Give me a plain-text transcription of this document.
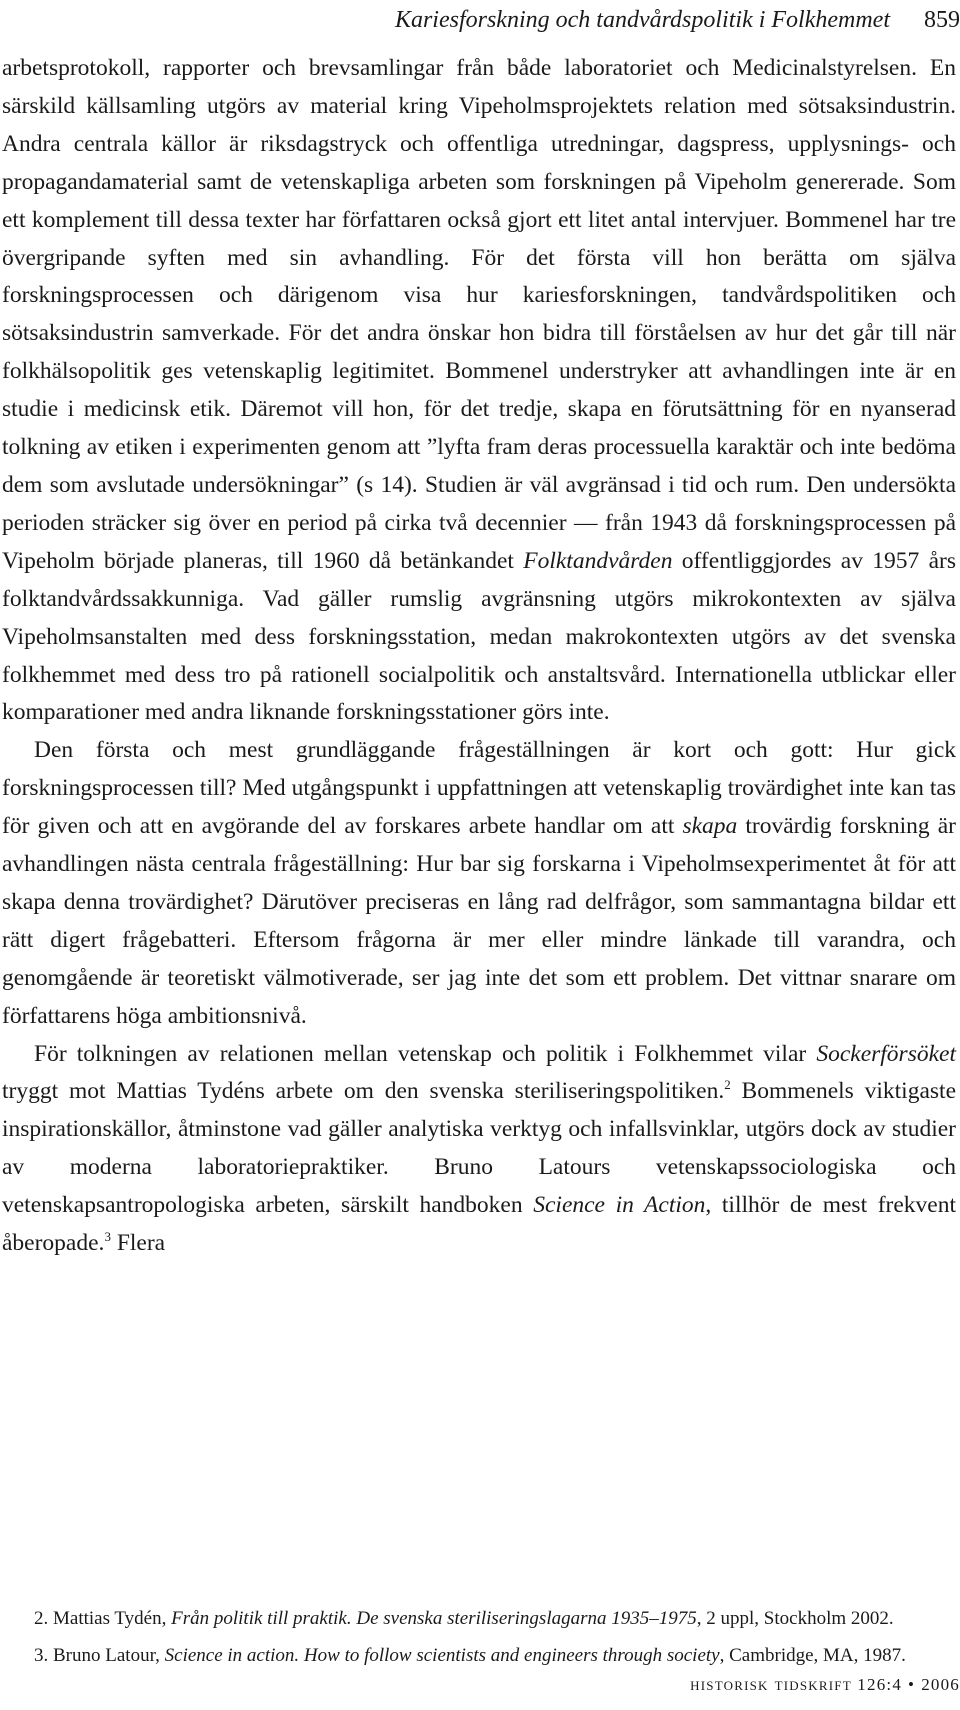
Kariesforskning och tandvårdspolitik i Folkhemmet 859

arbetsprotokoll, rapporter och brevsamlingar från både laboratoriet och Medicinalstyrelsen. En särskild källsamling utgörs av material kring Vipeholmsprojektets relation med sötsaksindustrin. Andra centrala källor är riksdagstryck och offentliga utredningar, dagspress, upplysnings- och propagandamaterial samt de vetenskapliga arbeten som forskningen på Vipeholm genererade. Som ett komplement till dessa texter har författaren också gjort ett litet antal intervjuer. Bommenel har tre övergripande syften med sin avhandling. För det första vill hon berätta om själva forskningsprocessen och därigenom visa hur kariesforskningen, tandvårdspolitiken och sötsaksindustrin samverkade. För det andra önskar hon bidra till förståelsen av hur det går till när folkhälsopolitik ges vetenskaplig legitimitet. Bommenel understryker att avhandlingen inte är en studie i medicinsk etik. Däremot vill hon, för det tredje, skapa en förutsättning för en nyanserad tolkning av etiken i experimenten genom att ”lyfta fram deras processuella karaktär och inte bedöma dem som avslutade undersökningar” (s 14). Studien är väl avgränsad i tid och rum. Den undersökta perioden sträcker sig över en period på cirka två decennier — från 1943 då forskningsprocessen på Vipeholm började planeras, till 1960 då betänkandet Folktandvården offentliggjordes av 1957 års folktandvårdssakkunniga. Vad gäller rumslig avgränsning utgörs mikrokontexten av själva Vipeholmsanstalten med dess forskningsstation, medan makrokontexten utgörs av det svenska folkhemmet med dess tro på rationell socialpolitik och anstaltsvård. Internationella utblickar eller komparationer med andra liknande forskningsstationer görs inte.

Den första och mest grundläggande frågeställningen är kort och gott: Hur gick forskningsprocessen till? Med utgångspunkt i uppfattningen att vetenskaplig trovärdighet inte kan tas för given och att en avgörande del av forskares arbete handlar om att skapa trovärdig forskning är avhandlingen nästa centrala frågeställning: Hur bar sig forskarna i Vipeholmsexperimentet åt för att skapa denna trovärdighet? Därutöver preciseras en lång rad delfrågor, som sammantagna bildar ett rätt digert frågebatteri. Eftersom frågorna är mer eller mindre länkade till varandra, och genomgående är teoretiskt välmotiverade, ser jag inte det som ett problem. Det vittnar snarare om författarens höga ambitionsnivå.

För tolkningen av relationen mellan vetenskap och politik i Folkhemmet vilar Sockerförsöket tryggt mot Mattias Tydéns arbete om den svenska steriliseringspolitiken.$^2$ Bommenels viktigaste inspirationskällor, åtminstone vad gäller analytiska verktyg och infallsvinklar, utgörs dock av studier av moderna laboratoriepraktiker. Bruno Latours vetenskapssociologiska och vetenskapsantropologiska arbeten, särskilt handboken Science in Action, tillhör de mest frekvent åberopade.$^3$ Flera

2. Mattias Tydén, Från politik till praktik. De svenska steriliseringslagarna 1935–1975, 2 uppl, Stockholm 2002.

3. Bruno Latour, Science in action. How to follow scientists and engineers through society, Cambridge, MA, 1987.

historisk tidskrift 126:4 • 2006
